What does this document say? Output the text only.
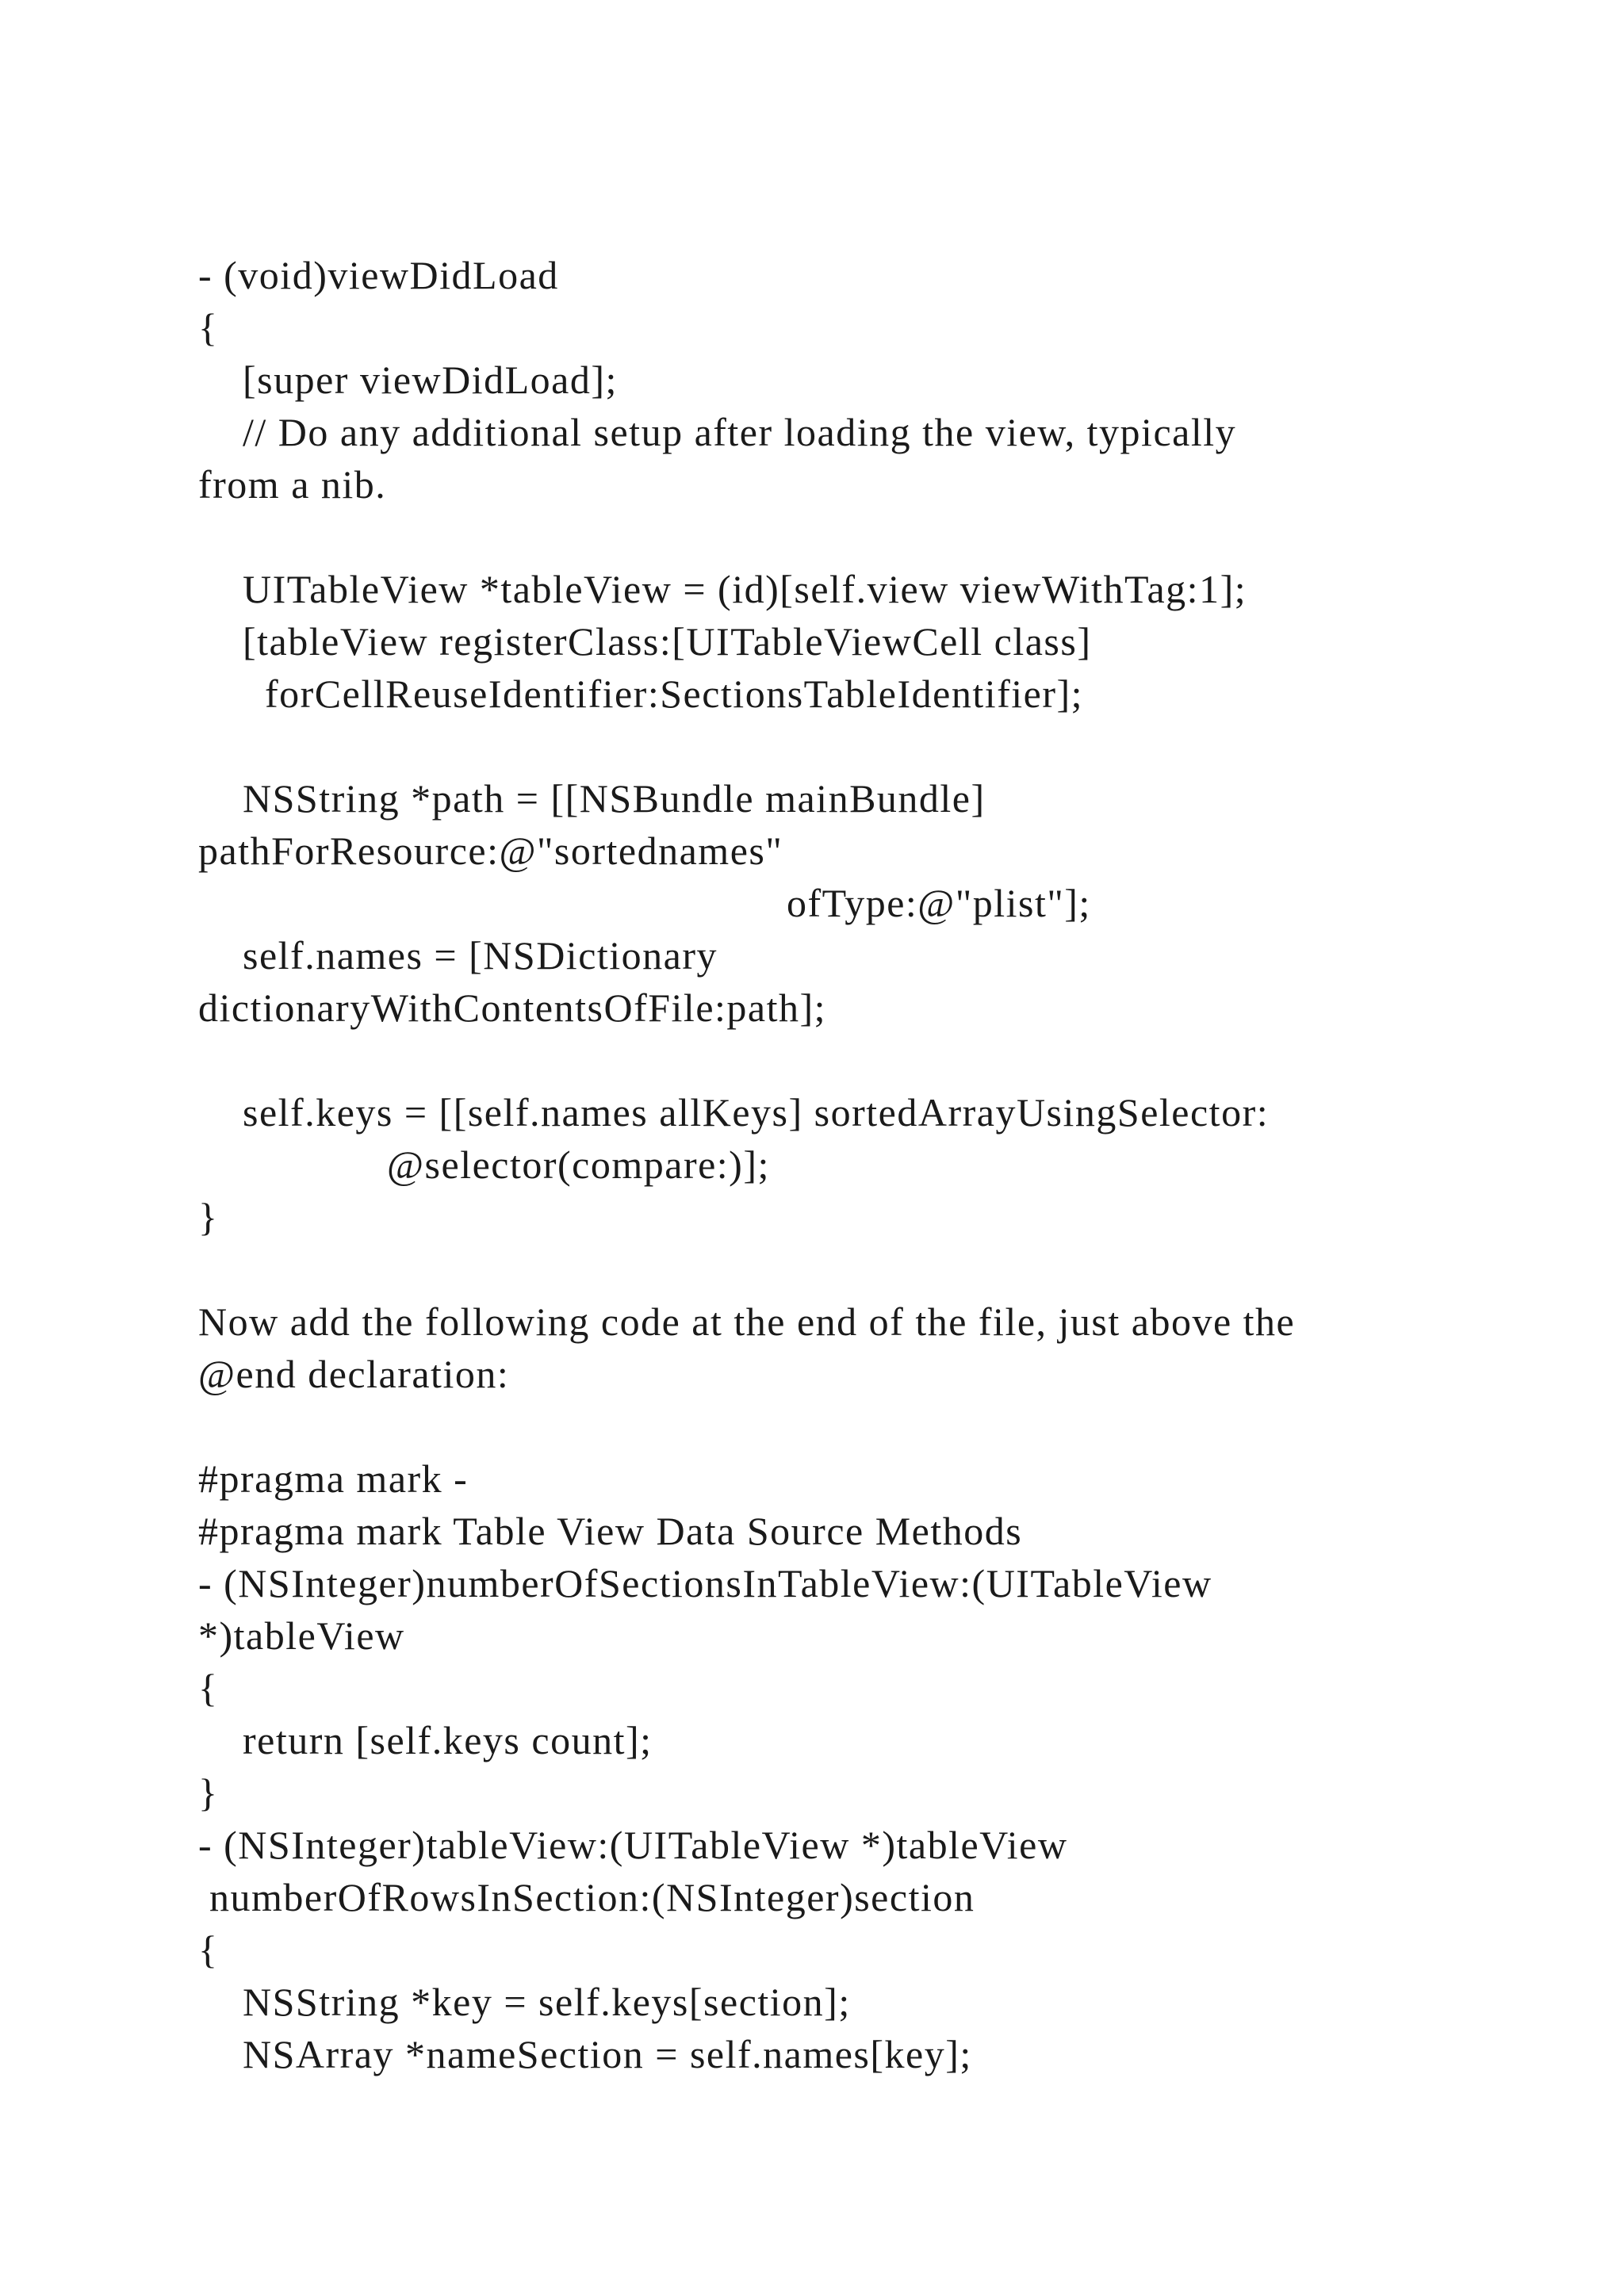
- (void)viewDidLoad
{
[super viewDidLoad];
// Do any additional setup after loading the view, typically
from a nib.
UITableView *tableView = (id)[self.view viewWithTag:1];
[tableView registerClass:[UITableViewCell class]
forCellReuseIdentifier:SectionsTableIdentifier];
NSString *path = [[NSBundle mainBundle]
pathForResource:@"sortednames"
ofType:@"plist"];
self.names = [NSDictionary
dictionaryWithContentsOfFile:path];
self.keys = [[self.names allKeys] sortedArrayUsingSelector:
@selector(compare:)];
}
Now add the following code at the end of the file, just above the
@end declaration:
#pragma mark -
#pragma mark Table View Data Source Methods
- (NSInteger)numberOfSectionsInTableView:(UITableView
*)tableView
{
return [self.keys count];
}
- (NSInteger)tableView:(UITableView *)tableView
numberOfRowsInSection:(NSInteger)section
{
NSString *key = self.keys[section];
NSArray *nameSection = self.names[key];
